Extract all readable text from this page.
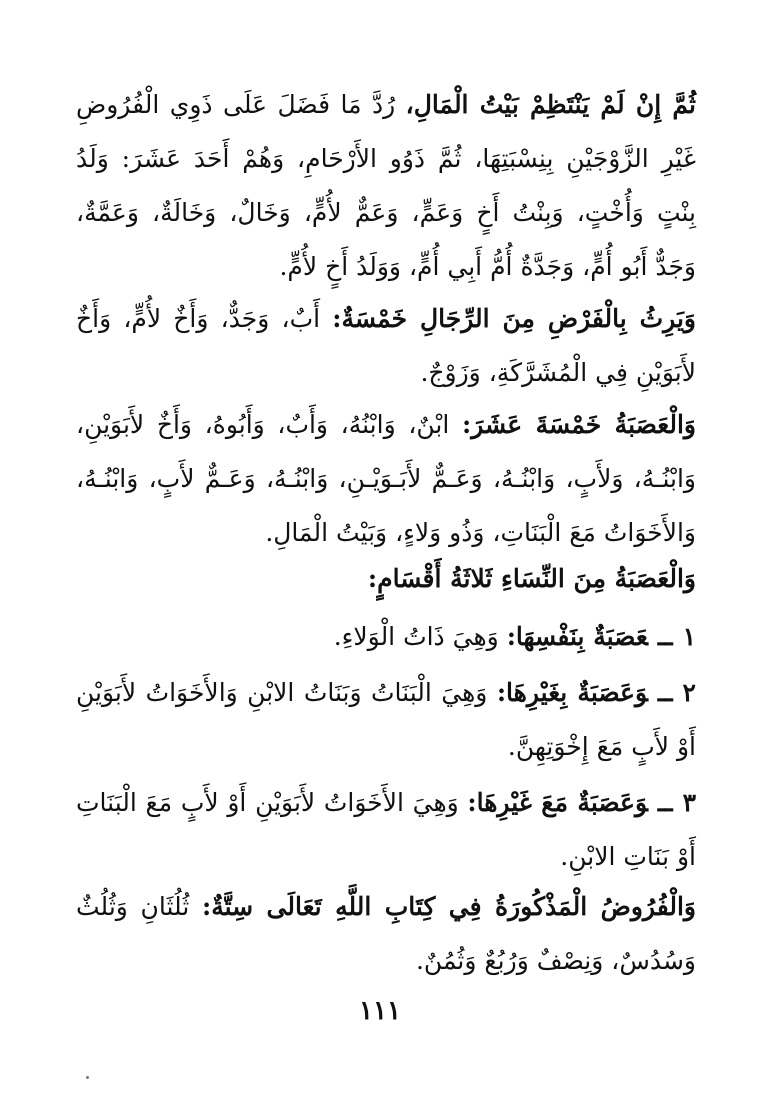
ثُمَّ إِنْ لَمْ يَنْتَظِمْ بَيْتُ الْمَالِ، رُدَّ مَا فَضَلَ عَلَى ذَوِي الْفُرُوضِ غَيْرِ الزَّوْجَيْنِ بِنِسْبَتِهَا، ثُمَّ ذَوُو الأَرْحَامِ، وَهُمْ أَحَدَ عَشَرَ: وَلَدُ بِنْتٍ وَأُخْتٍ، وَبِنْتُ أَخٍ وَعَمٍّ، وَعَمٌّ لأُمٍّ، وَخَالٌ، وَخَالَةٌ، وَعَمَّةٌ، وَجَدٌّ أَبُو أُمٍّ، وَجَدَّةٌ أُمُّ أَبِي أُمٍّ، وَوَلَدُ أَخٍ لأُمٍّ.

وَيَرِثُ بِالْفَرْضِ مِنَ الرِّجَالِ خَمْسَةٌ: أَبٌ، وَجَدٌّ، وَأَخٌ لأُمٍّ، وَأَخٌ لأَبَوَيْنِ فِي الْمُشَرَّكَةِ، وَزَوْجٌ.

وَالْعَصَبَةُ خَمْسَةَ عَشَرَ: ابْنٌ، وَابْنُهُ، وَأَبٌ، وَأَبُوهُ، وَأَخٌ لأَبَوَيْنِ، وَابْنُـهُ، وَلأَبٍ، وَابْنُـهُ، وَعَـمٌّ لأَبَـوَيْـنِ، وَابْنُـهُ، وَعَـمٌّ لأَبٍ، وَابْنُـهُ، وَالأَخَوَاتُ مَعَ الْبَنَاتِ، وَذُو وَلاءٍ، وَبَيْتُ الْمَالِ.

وَالْعَصَبَةُ مِنَ النِّسَاءِ ثَلاثَةُ أَقْسَامٍ:

١ــعَصَبَةٌ بِنَفْسِهَا: وَهِيَ ذَاتُ الْوَلاءِ.

٢ــوَعَصَبَةٌ بِغَيْرِهَا: وَهِيَ الْبَنَاتُ وَبَنَاتُ الابْنِ وَالأَخَوَاتُ لأَبَوَيْنِ أَوْ لأَبٍ مَعَ إِخْوَتِهِنَّ.

٣ــوَعَصَبَةٌ مَعَ غَيْرِهَا: وَهِيَ الأَخَوَاتُ لأَبَوَيْنِ أَوْ لأَبٍ مَعَ الْبَنَاتِ أَوْ بَنَاتِ الابْنِ.

وَالْفُرُوضُ الْمَذْكُورَةُ فِي كِتَابِ اللَّهِ تَعَالَى سِتَّةٌ: ثُلُثَانِ وَثُلُثٌ وَسُدُسٌ، وَنِصْفٌ وَرُبُعٌ وَثُمُنٌ.

١١١
